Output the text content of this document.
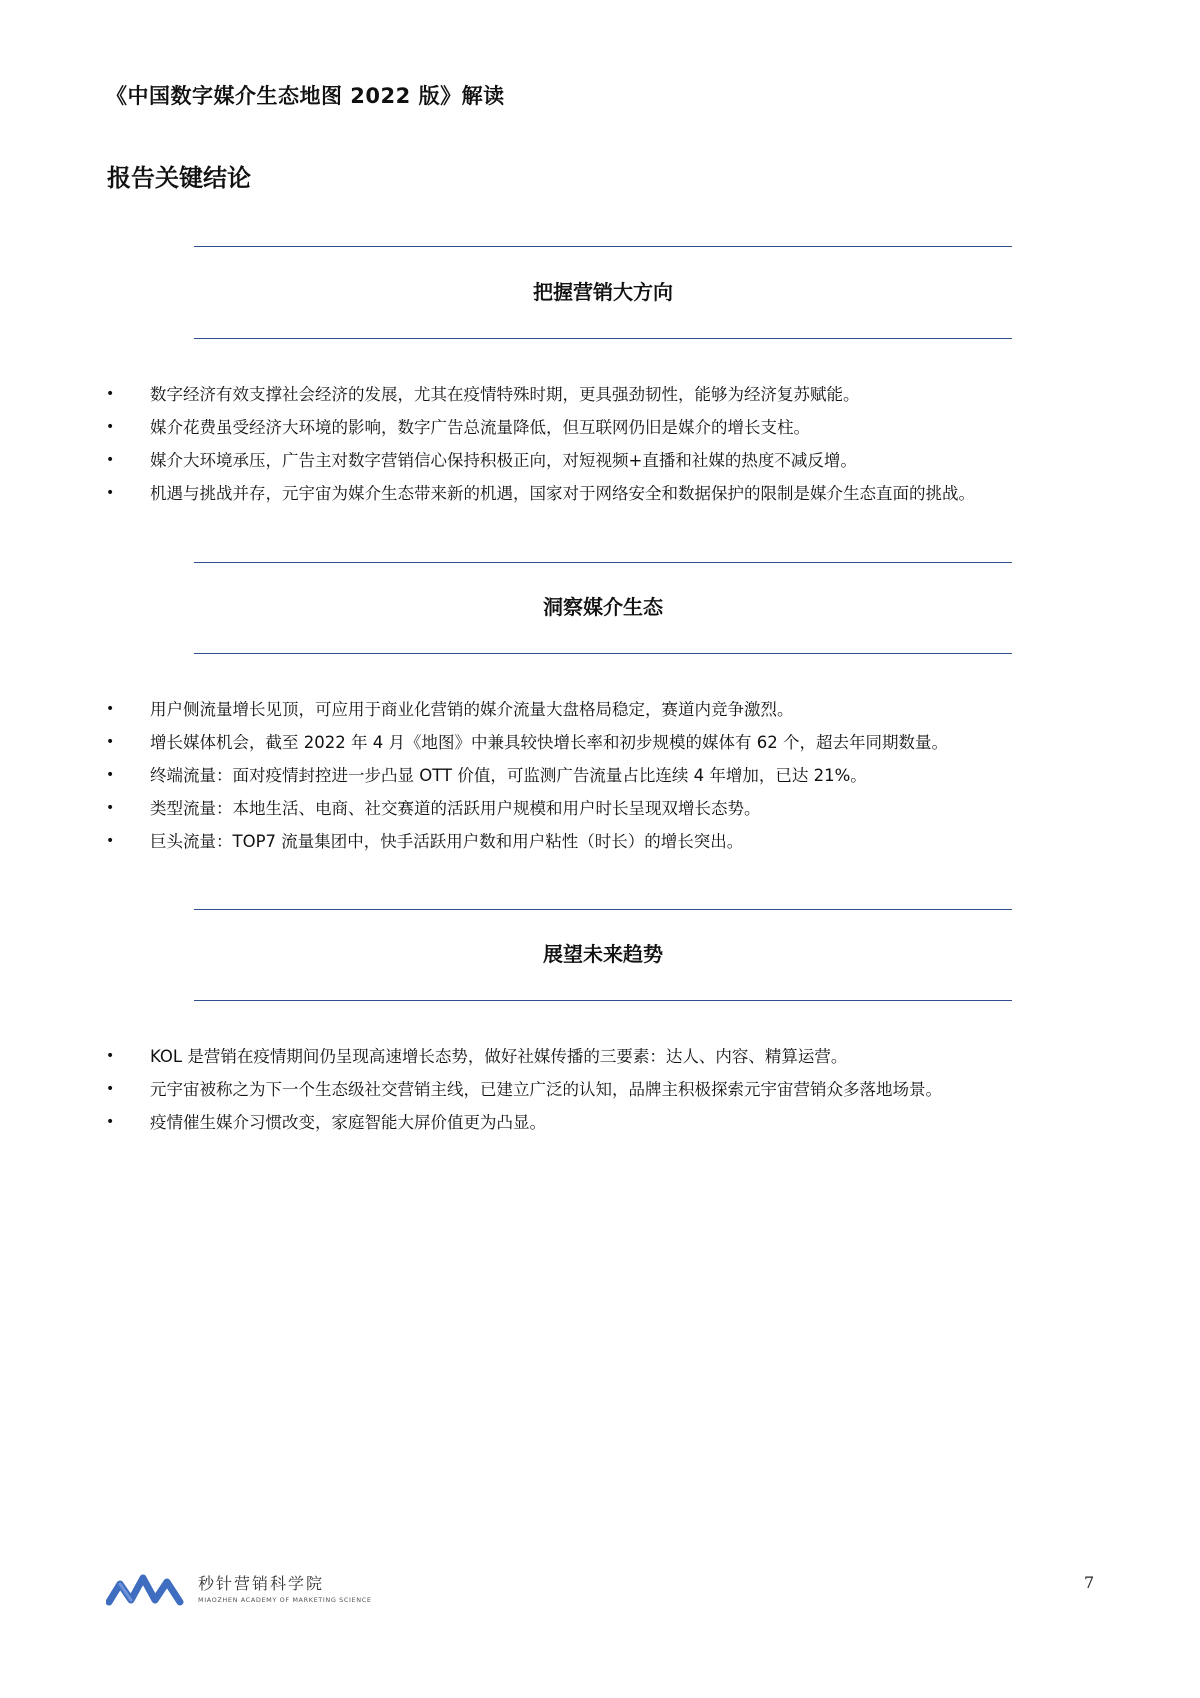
《中国数字媒介生态地图 2022 版》解读
报告关键结论
把握营销大方向
• 数字经济有效支撑社会经济的发展，尤其在疫情特殊时期，更具强劲韧性，能够为经济复苏赋能。
• 媒介花费虽受经济大环境的影响，数字广告总流量降低，但互联网仍旧是媒介的增长支柱。
• 媒介大环境承压，广告主对数字营销信心保持积极正向，对短视频+直播和社媒的热度不减反增。
• 机遇与挑战并存，元宇宙为媒介生态带来新的机遇，国家对于网络安全和数据保护的限制是媒介生态直面的挑战。
洞察媒介生态
• 用户侧流量增长见顶，可应用于商业化营销的媒介流量大盘格局稳定，赛道内竞争激烈。
• 增长媒体机会，截至 2022 年 4 月《地图》中兼具较快增长率和初步规模的媒体有 62 个，超去年同期数量。
• 终端流量：面对疫情封控进一步凸显 OTT 价值，可监测广告流量占比连续 4 年增加，已达 21%。
• 类型流量：本地生活、电商、社交赛道的活跃用户规模和用户时长呈现双增长态势。
• 巨头流量：TOP7 流量集团中，快手活跃用户数和用户粘性（时长）的增长突出。
展望未来趋势
• KOL 是营销在疫情期间仍呈现高速增长态势，做好社媒传播的三要素：达人、内容、精算运营。
• 元宇宙被称之为下一个生态级社交营销主线，已建立广泛的认知，品牌主积极探索元宇宙营销众多落地场景。
• 疫情催生媒介习惯改变，家庭智能大屏价值更为凸显。
秒针营销科学院
MIAOZHEN ACADEMY OF MARKETING SCIENCE
7
